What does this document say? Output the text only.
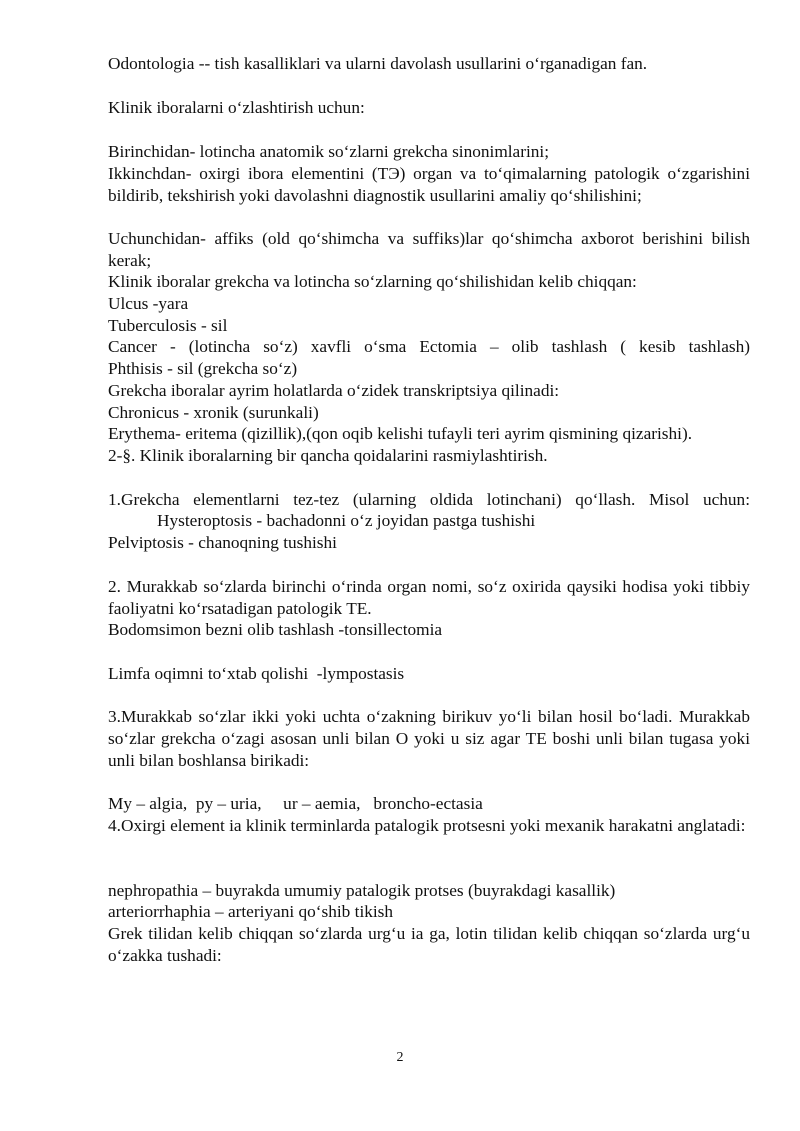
Odontologia -- tish kasalliklari va ularni davolash usullarini o‘rganadigan fan.

Klinik iboralarni o‘zlashtirish uchun:

Birinchidan- lotincha anatomik so‘zlarni grekcha sinonimlarini;

Ikkinchdan- oxirgi ibora elementini (ТЭ) organ va to‘qimalarning patologik o‘zgarishini bildirib, tekshirish yoki davolashni diagnostik usullarini amaliy qo‘shilishini;

Uchunchidan- affiks (old qo‘shimcha va suffiks)lar qo‘shimcha axborot berishini bilish kerak;

Klinik iboralar grekcha va lotincha so‘zlarning qo‘shilishidan kelib chiqqan:

Ulcus -yara

Tuberculosis - sil

Cancer - (lotincha so‘z) xavfli o‘sma Ectomia – olib tashlash ( kesib tashlash)

Phthisis - sil (grekcha so‘z)

Grekcha iboralar ayrim holatlarda o‘zidek transkriptsiya qilinadi:

Chronicus - xronik (surunkali)

Erythema- eritema (qizillik),(qon oqib kelishi tufayli teri ayrim qismining qizarishi).

2-§. Klinik iboralarning bir qancha qoidalarini rasmiylashtirish.

1.Grekcha elementlarni tez-tez (ularning oldida lotinchani) qo‘llash. Misol uchun:

Hysteroptosis - bachadonni o‘z joyidan pastga tushishi

Pelviptosis - chanoqning tushishi

2. Murakkab so‘zlarda birinchi o‘rinda organ nomi, so‘z oxirida qaysiki hodisa yoki tibbiy faoliyatni ko‘rsatadigan patologik TE.

Bodomsimon bezni olib tashlash -tonsillectomia

Limfa oqimni to‘xtab qolishi  -lympostasis

3.Murakkab so‘zlar ikki yoki uchta o‘zakning birikuv yo‘li bilan hosil bo‘ladi. Murakkab so‘zlar grekcha o‘zagi asosan unli bilan O yoki u siz agar TE boshi unli bilan tugasa yoki unli bilan boshlansa birikadi:

My – algia,  py – uria,     ur – aemia,   broncho-ectasia

4.Oxirgi element ia klinik terminlarda patalogik protsesni yoki mexanik harakatni anglatadi:

nephropathia – buyrakda umumiy patalogik protses (buyrakdagi kasallik)

arteriorrhaphia – arteriyani qo‘shib tikish

Grek tilidan kelib chiqqan so‘zlarda urg‘u ia ga, lotin tilidan kelib chiqqan so‘zlarda urg‘u o‘zakka tushadi:

2
